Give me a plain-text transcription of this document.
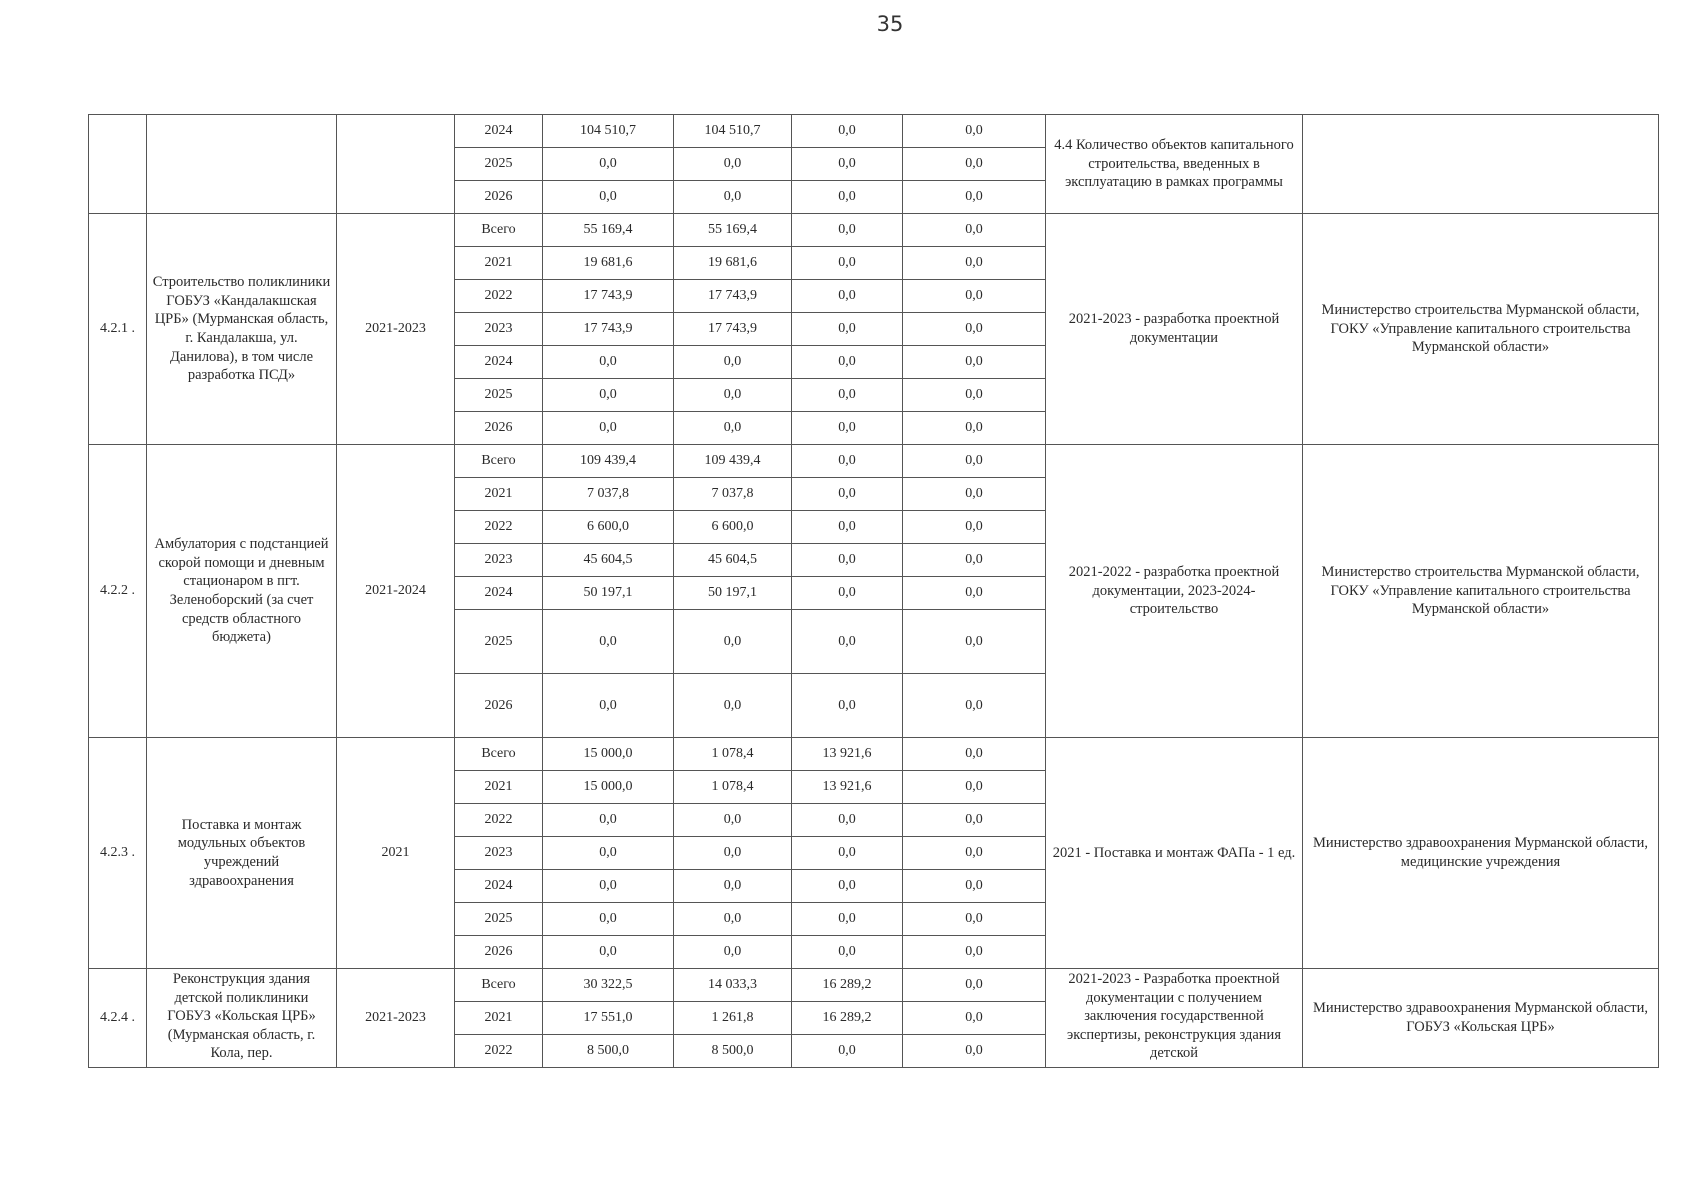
35
			2024	104 510,7	104 510,7	0,0	0,0	4.4 Количество объектов капитального строительства, введенных в эксплуатацию в рамках программы	
			2025	0,0	0,0	0,0	0,0		
			2026	0,0	0,0	0,0	0,0		
4.2.1 .	Строительство поликлиники ГОБУЗ «Кандалакшская ЦРБ» (Мурманская область, г. Кандалакша, ул. Данилова), в том числе разработка ПСД»	2021-2023	Всего	55 169,4	55 169,4	0,0	0,0	2021-2023 - разработка проектной документации	Министерство строительства Мурманской области, ГОКУ «Управление капитального строительства Мурманской области»
			2021	19 681,6	19 681,6	0,0	0,0		
			2022	17 743,9	17 743,9	0,0	0,0		
			2023	17 743,9	17 743,9	0,0	0,0		
			2024	0,0	0,0	0,0	0,0		
			2025	0,0	0,0	0,0	0,0		
			2026	0,0	0,0	0,0	0,0		
4.2.2 .	Амбулатория с подстанцией скорой помощи и дневным стационаром в пгт. Зеленоборский (за счет средств областного бюджета)	2021-2024	Всего	109 439,4	109 439,4	0,0	0,0	2021-2022 - разработка проектной документации, 2023-2024-строительство	Министерство строительства Мурманской области, ГОКУ «Управление капитального строительства Мурманской области»
			2021	7 037,8	7 037,8	0,0	0,0		
			2022	6 600,0	6 600,0	0,0	0,0		
			2023	45 604,5	45 604,5	0,0	0,0		
			2024	50 197,1	50 197,1	0,0	0,0		
			2025	0,0	0,0	0,0	0,0		
			2026	0,0	0,0	0,0	0,0		
4.2.3 .	Поставка и монтаж модульных объектов учреждений здравоохранения	2021	Всего	15 000,0	1 078,4	13 921,6	0,0	2021 - Поставка и монтаж ФАПа - 1 ед.	Министерство здравоохранения Мурманской области, медицинские учреждения
			2021	15 000,0	1 078,4	13 921,6	0,0		
			2022	0,0	0,0	0,0	0,0		
			2023	0,0	0,0	0,0	0,0		
			2024	0,0	0,0	0,0	0,0		
			2025	0,0	0,0	0,0	0,0		
			2026	0,0	0,0	0,0	0,0		
4.2.4 .	Реконструкция здания детской поликлиники ГОБУЗ «Кольская ЦРБ» (Мурманская область, г. Кола, пер.	2021-2023	Всего	30 322,5	14 033,3	16 289,2	0,0	2021-2023 - Разработка проектной документации с получением заключения государственной экспертизы, реконструкция здания детской	Министерство здравоохранения Мурманской области, ГОБУЗ «Кольская ЦРБ»
			2021	17 551,0	1 261,8	16 289,2	0,0		
			2022	8 500,0	8 500,0	0,0	0,0		
